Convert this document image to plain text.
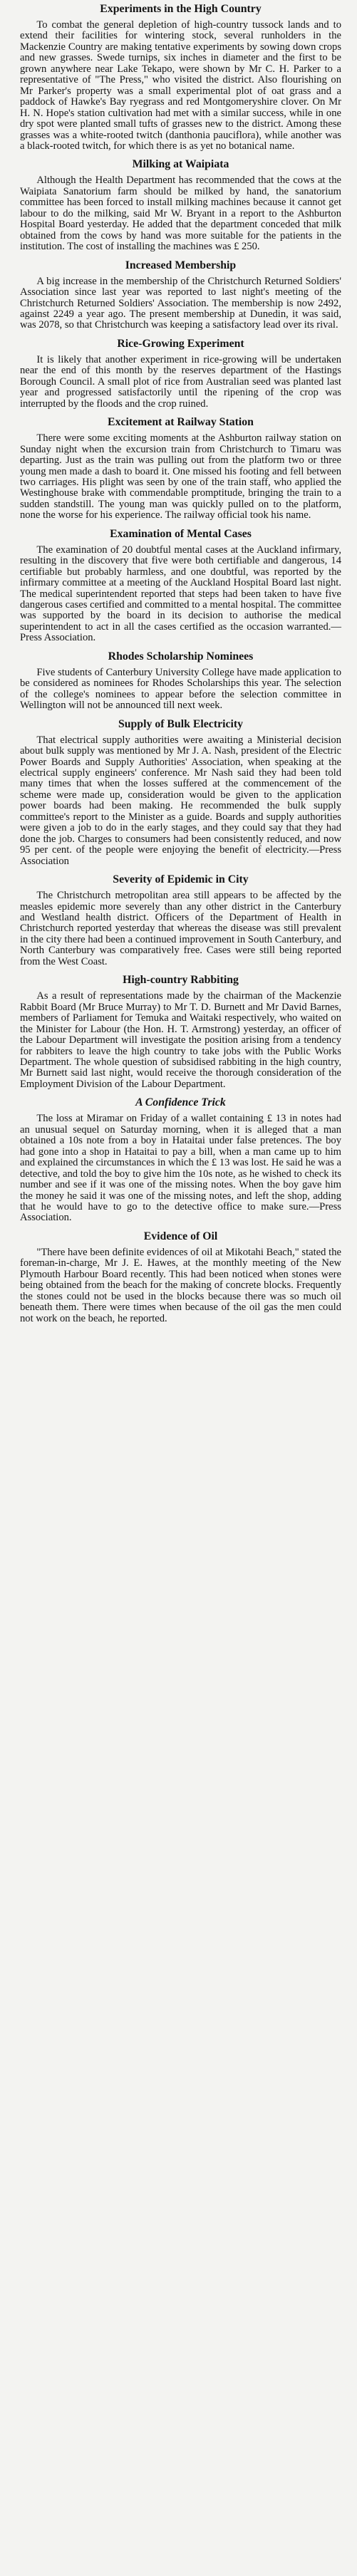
Experiments in the High Country

To combat the general depletion of high-country tussock lands and to extend their facilities for wintering stock, several runholders in the Mackenzie Country are making tentative experiments by sowing down crops and new grasses. Swede turnips, six inches in diameter and the first to be grown anywhere near Lake Tekapo, were shown by Mr C. H. Parker to a representative of "The Press," who visited the district. Also flourishing on Mr Parker's property was a small experimental plot of oat grass and a paddock of Hawke's Bay ryegrass and red Montgomeryshire clover. On Mr H. N. Hope's station cultivation had met with a similar success, while in one dry spot were planted small tufts of grasses new to the district. Among these grasses was a white-rooted twitch (danthonia pauciflora), while another was a black-rooted twitch, for which there is as yet no botanical name.

Milking at Waipiata

Although the Health Department has recommended that the cows at the Waipiata Sanatorium farm should be milked by hand, the sanatorium committee has been forced to install milking machines because it cannot get labour to do the milking, said Mr W. Bryant in a report to the Ashburton Hospital Board yesterday. He added that the department conceded that milk obtained from the cows by hand was more suitable for the patients in the institution. The cost of installing the machines was £ 250.

Increased Membership

A big increase in the membership of the Christchurch Returned Soldiers' Association since last year was reported to last night's meeting of the Christchurch Returned Soldiers' Association. The membership is now 2492, against 2249 a year ago. The present membership at Dunedin, it was said, was 2078, so that Christchurch was keeping a satisfactory lead over its rival.

Rice-Growing Experiment

It is likely that another experiment in rice-growing will be undertaken near the end of this month by the reserves department of the Hastings Borough Council. A small plot of rice from Australian seed was planted last year and progressed satisfactorily until the ripening of the crop was interrupted by the floods and the crop ruined.

Excitement at Railway Station

There were some exciting moments at the Ashburton railway station on Sunday night when the excursion train from Christchurch to Timaru was departing. Just as the train was pulling out from the platform two or three young men made a dash to board it. One missed his footing and fell between two carriages. His plight was seen by one of the train staff, who applied the Westinghouse brake with commendable promptitude, bringing the train to a sudden standstill. The young man was quickly pulled on to the platform, none the worse for his experience. The railway official took his name.

Examination of Mental Cases

The examination of 20 doubtful mental cases at the Auckland infirmary, resulting in the discovery that five were both certifiable and dangerous, 14 certifiable but probably harmless, and one doubtful, was reported by the infirmary committee at a meeting of the Auckland Hospital Board last night. The medical superintendent reported that steps had been taken to have five dangerous cases certified and committed to a mental hospital. The committee was supported by the board in its decision to authorise the medical superintendent to act in all the cases certified as the occasion warranted.—Press Association.

Rhodes Scholarship Nominees

Five students of Canterbury University College have made application to be considered as nominees for Rhodes Scholarships this year. The selection of the college's nominees to appear before the selection committee in Wellington will not be announced till next week.

Supply of Bulk Electricity

That electrical supply authorities were awaiting a Ministerial decision about bulk supply was mentioned by Mr J. A. Nash, president of the Electric Power Boards and Supply Authorities' Association, when speaking at the electrical supply engineers' conference. Mr Nash said they had been told many times that when the losses suffered at the commencement of the scheme were made up, consideration would be given to the application power boards had been making. He recommended the bulk supply committee's report to the Minister as a guide. Boards and supply authorities were given a job to do in the early stages, and they could say that they had done the job. Charges to consumers had been consistently reduced, and now 95 per cent. of the people were enjoying the benefit of electricity.—Press Association

Severity of Epidemic in City

The Christchurch metropolitan area still appears to be affected by the measles epidemic more severely than any other district in the Canterbury and Westland health district. Officers of the Department of Health in Christchurch reported yesterday that whereas the disease was still prevalent in the city there had been a continued improvement in South Canterbury, and North Canterbury was comparatively free. Cases were still being reported from the West Coast.

High-country Rabbiting

As a result of representations made by the chairman of the Mackenzie Rabbit Board (Mr Bruce Murray) to Mr T. D. Burnett and Mr David Barnes, members of Parliament for Temuka and Waitaki respectively, who waited on the Minister for Labour (the Hon. H. T. Armstrong) yesterday, an officer of the Labour Department will investigate the position arising from a tendency for rabbiters to leave the high country to take jobs with the Public Works Department. The whole question of subsidised rabbiting in the high country, Mr Burnett said last night, would receive the thorough consideration of the Employment Division of the Labour Department.

A Confidence Trick

The loss at Miramar on Friday of a wallet containing £ 13 in notes had an unusual sequel on Saturday morning, when it is alleged that a man obtained a 10s note from a boy in Hataitai under false pretences. The boy had gone into a shop in Hataitai to pay a bill, when a man came up to him and explained the circumstances in which the £ 13 was lost. He said he was a detective, and told the boy to give him the 10s note, as he wished to check its number and see if it was one of the missing notes. When the boy gave him the money he said it was one of the missing notes, and left the shop, adding that he would have to go to the detective office to make sure.—Press Association.

Evidence of Oil

"There have been definite evidences of oil at Mikotahi Beach," stated the foreman-in-charge, Mr J. E. Hawes, at the monthly meeting of the New Plymouth Harbour Board recently. This had been noticed when stones were being obtained from the beach for the making of concrete blocks. Frequently the stones could not be used in the blocks because there was so much oil beneath them. There were times when because of the oil gas the men could not work on the beach, he reported.
